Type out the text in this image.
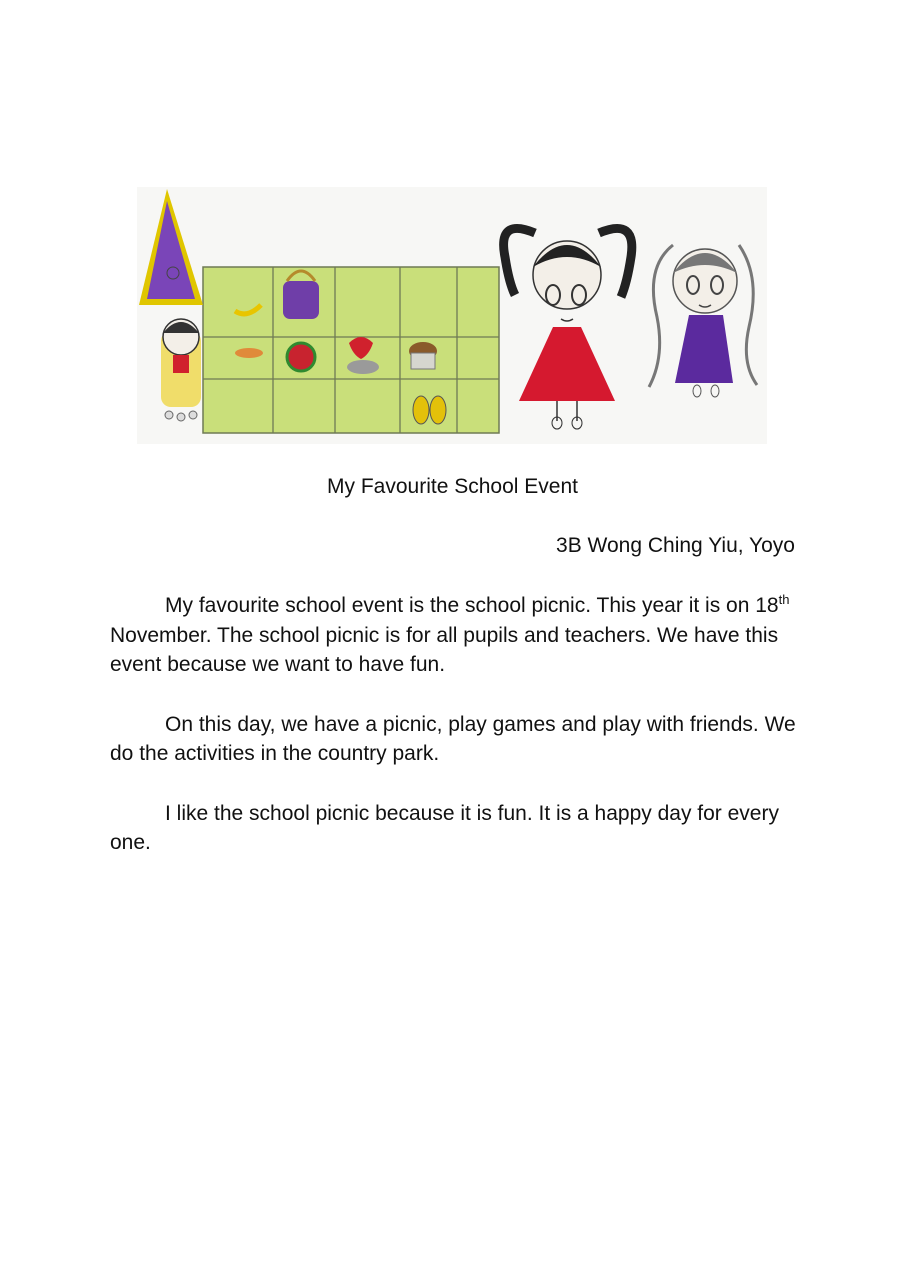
My Favourite School Event
3B Wong Ching Yiu, Yoyo

My favourite school event is the school picnic. This year it is on 18th November. The school picnic is for all pupils and teachers. We have this event because we want to have fun.

On this day, we have a picnic, play games and play with friends. We do the activities in the country park.

I like the school picnic because it is fun. It is a happy day for every one.
